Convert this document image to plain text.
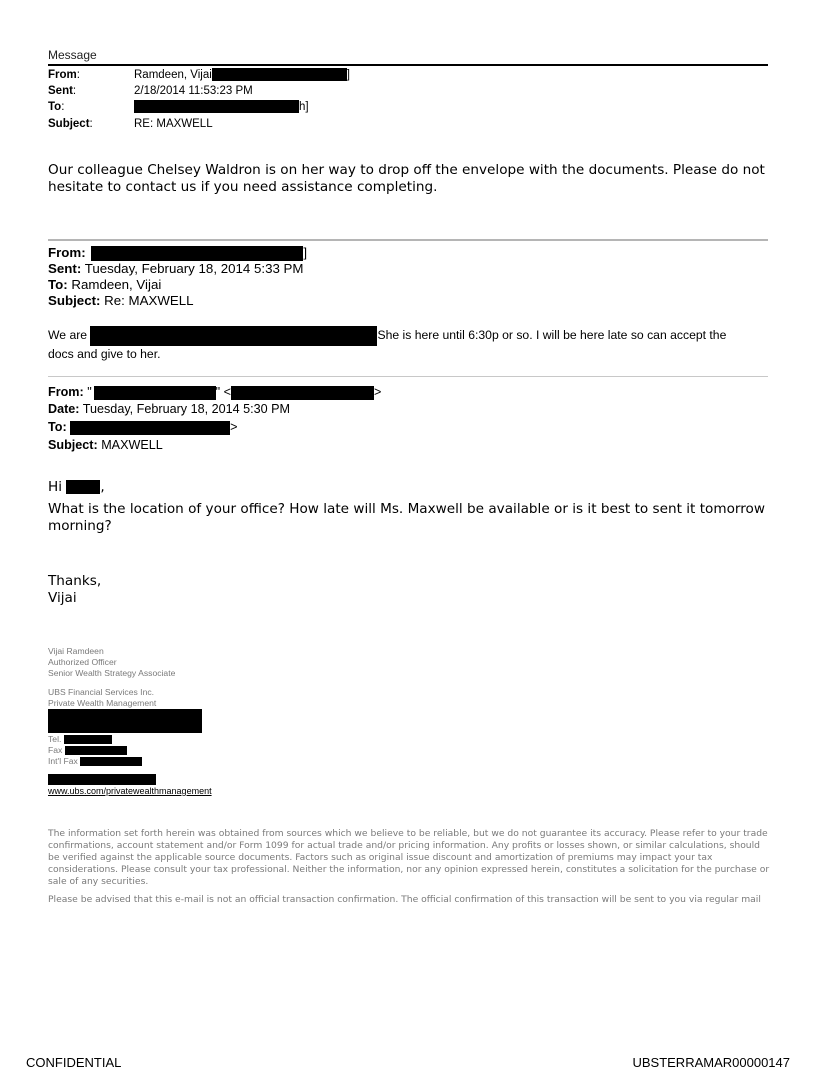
Message
From:	Ramdeen, Vijai	]
Sent:	2/18/2014 11:53:23 PM
To:	h]
Subject:	RE: MAXWELL
Our colleague Chelsey Waldron is on her way to drop off the envelope with the documents. Please do not hesitate to contact us if you need assistance completing.
From:	]
Sent: Tuesday, February 18, 2014 5:33 PM
To: Ramdeen, Vijai
Subject: Re: MAXWELL
We are	She is here until 6:30p or so. I will be here late so can accept the
docs and give to her.
From: "	" <	>
Date: Tuesday, February 18, 2014 5:30 PM
To:	>
Subject: MAXWELL
Hi	,
What is the location of your office? How late will Ms. Maxwell be available or is it best to sent it tomorrow morning?
Thanks,
Vijai
Vijai Ramdeen
Authorized Officer
Senior Wealth Strategy Associate
UBS Financial Services Inc.
Private Wealth Management
Tel.
Fax
Int'l Fax
www.ubs.com/privatewealthmanagement
The information set forth herein was obtained from sources which we believe to be reliable, but we do not guarantee its accuracy. Please refer to your trade confirmations, account statement and/or Form 1099 for actual trade and/or pricing information. Any profits or losses shown, or similar calculations, should be verified against the applicable source documents. Factors such as original issue discount and amortization of premiums may impact your tax considerations. Please consult your tax professional. Neither the information, nor any opinion expressed herein, constitutes a solicitation for the purchase or sale of any securities.
Please be advised that this e-mail is not an official transaction confirmation. The official confirmation of this transaction will be sent to you via regular mail
CONFIDENTIAL	UBSTERRAMAR00000147
